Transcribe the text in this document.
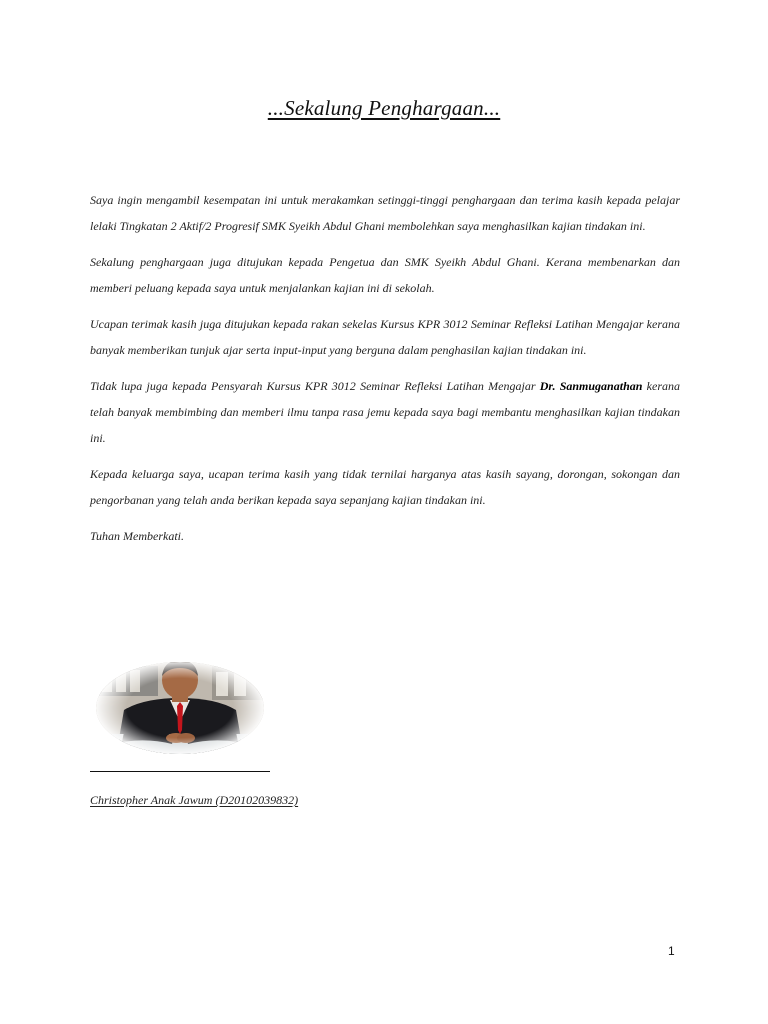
...Sekalung Penghargaan...

Saya ingin mengambil kesempatan ini untuk merakamkan setinggi-tinggi penghargaan dan terima kasih kepada pelajar lelaki Tingkatan 2 Aktif/2 Progresif SMK Syeikh Abdul Ghani membolehkan saya menghasilkan kajian tindakan ini.

Sekalung penghargaan juga ditujukan kepada Pengetua dan SMK Syeikh Abdul Ghani. Kerana membenarkan dan memberi peluang kepada saya untuk menjalankan kajian ini di sekolah.

Ucapan terimak kasih juga ditujukan kepada rakan sekelas Kursus KPR 3012 Seminar Refleksi Latihan Mengajar kerana banyak memberikan tunjuk ajar serta input-input yang berguna dalam penghasilan kajian tindakan ini.

Tidak lupa juga kepada Pensyarah Kursus KPR 3012 Seminar Refleksi Latihan Mengajar Dr. Sanmuganathan kerana telah banyak membimbing dan memberi ilmu tanpa rasa jemu kepada saya bagi membantu menghasilkan kajian tindakan ini.

Kepada keluarga saya, ucapan terima kasih yang tidak ternilai harganya atas kasih sayang, dorongan, sokongan dan pengorbanan yang telah anda berikan kepada saya sepanjang kajian tindakan ini.

Tuhan Memberkati.

Christopher Anak Jawum (D20102039832)
1
